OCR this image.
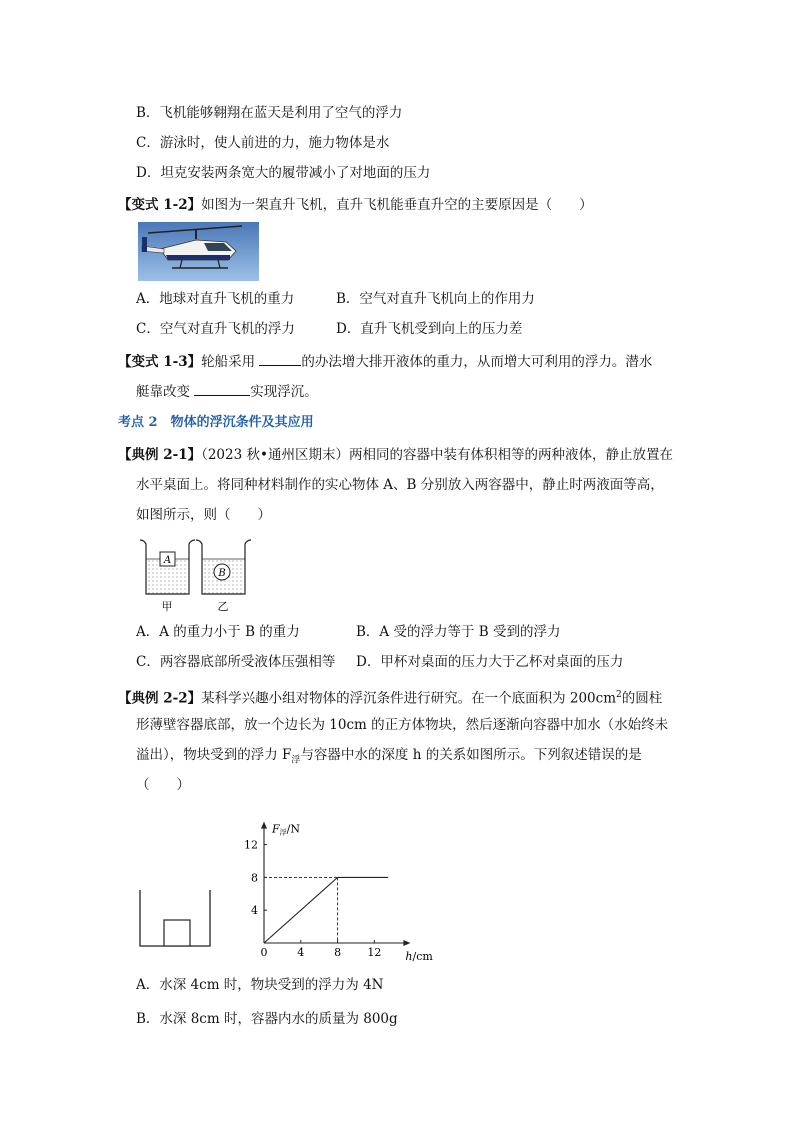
B．飞机能够翱翔在蓝天是利用了空气的浮力
C．游泳时，使人前进的力，施力物体是水
D．坦克安装两条宽大的履带减小了对地面的压力
【变式 1-2】如图为一架直升飞机，直升飞机能垂直升空的主要原因是（　　）
A．地球对直升飞机的重力	B．空气对直升飞机向上的作用力
C．空气对直升飞机的浮力	D．直升飞机受到向上的压力差
【变式 1-3】轮船采用	的办法增大排开液体的重力，从而增大可利用的浮力。潜水
艇靠改变	实现浮沉。
考点 2　物体的浮沉条件及其应用
【典例 2-1】（2023 秋•通州区期末）两相同的容器中装有体积相等的两种液体，静止放置在
水平桌面上。将同种材料制作的实心物体 A、B 分别放入两容器中，静止时两液面等高，
如图所示，则（　　）
A
B
甲	乙
A．A 的重力小于 B 的重力	B．A 受的浮力等于 B 受到的浮力
C．两容器底部所受液体压强相等 D．甲杯对桌面的压力大于乙杯对桌面的压力
【典例 2-2】某科学兴趣小组对物体的浮沉条件进行研究。在一个底面积为 $200cm^2$的圆柱
形薄壁容器底部，放一个边长为 10cm 的正方体物块，然后逐渐向容器中加水（水始终未
溢出），物块受到的浮力 $F_浮$与容器中水的深度 h 的关系如图所示。下列叙述错误的是
（　　）
4	8 12
4
8
12
F浮/N
h/cm
0
A．水深 4cm 时，物块受到的浮力为 4N
B．水深 8cm 时，容器内水的质量为 800g
